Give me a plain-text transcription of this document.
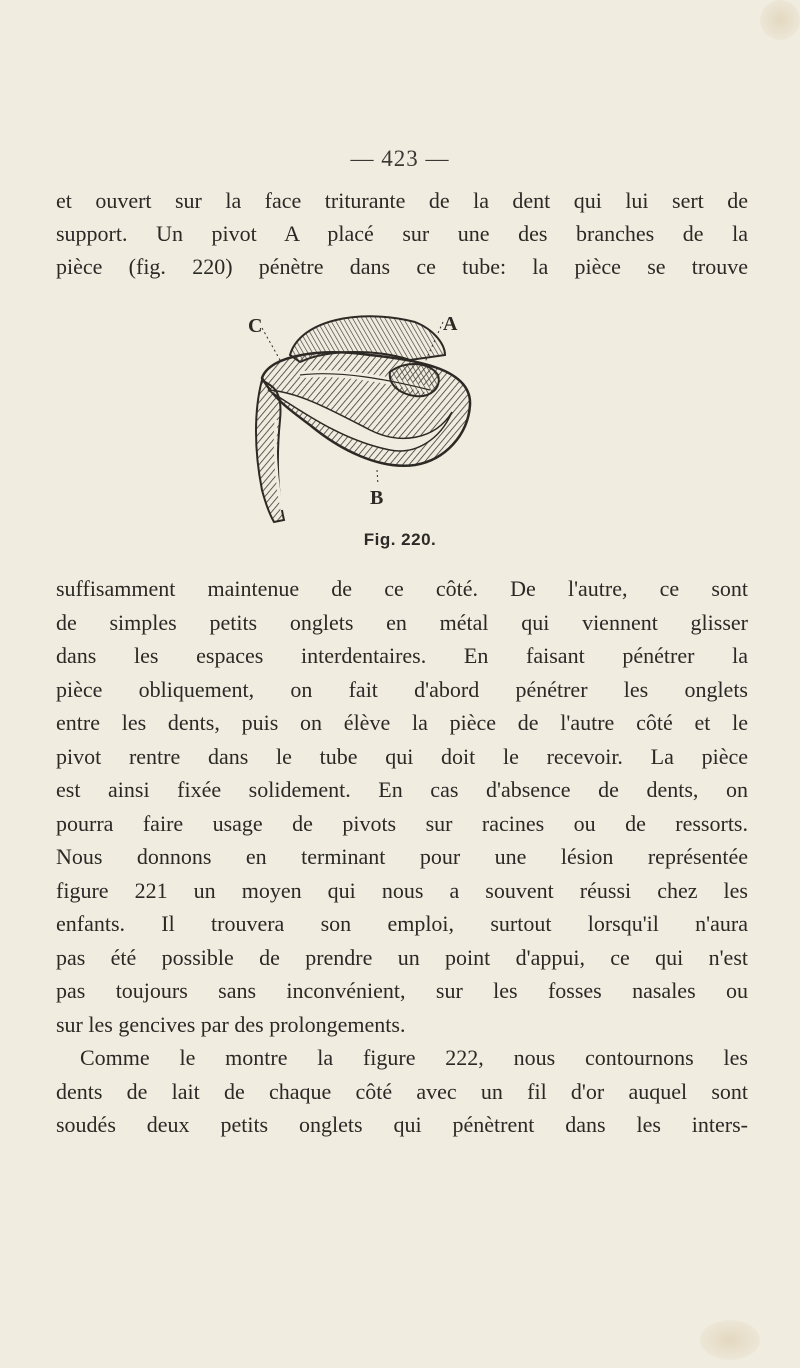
— 423 —
et ouvert sur la face triturante de la dent qui lui sert de
support. Un pivot A placé sur une des branches de la
pièce (fig. 220) pénètre dans ce tube: la pièce se trouve
C	A
B
Fig. 220.
suffisamment maintenue de ce côté. De l'autre, ce sont
de simples petits onglets en métal qui viennent glisser
dans les espaces interdentaires. En faisant pénétrer la
pièce obliquement, on fait d'abord pénétrer les onglets
entre les dents, puis on élève la pièce de l'autre côté et le
pivot rentre dans le tube qui doit le recevoir. La pièce
est ainsi fixée solidement. En cas d'absence de dents, on
pourra faire usage de pivots sur racines ou de ressorts.
Nous donnons en terminant pour une lésion représentée
figure 221 un moyen qui nous a souvent réussi chez les
enfants. Il trouvera son emploi, surtout lorsqu'il n'aura
pas été possible de prendre un point d'appui, ce qui n'est
pas toujours sans inconvénient, sur les fosses nasales ou
sur les gencives par des prolongements.
Comme le montre la figure 222, nous contournons les
dents de lait de chaque côté avec un fil d'or auquel sont
soudés deux petits onglets qui pénètrent dans les inters-
